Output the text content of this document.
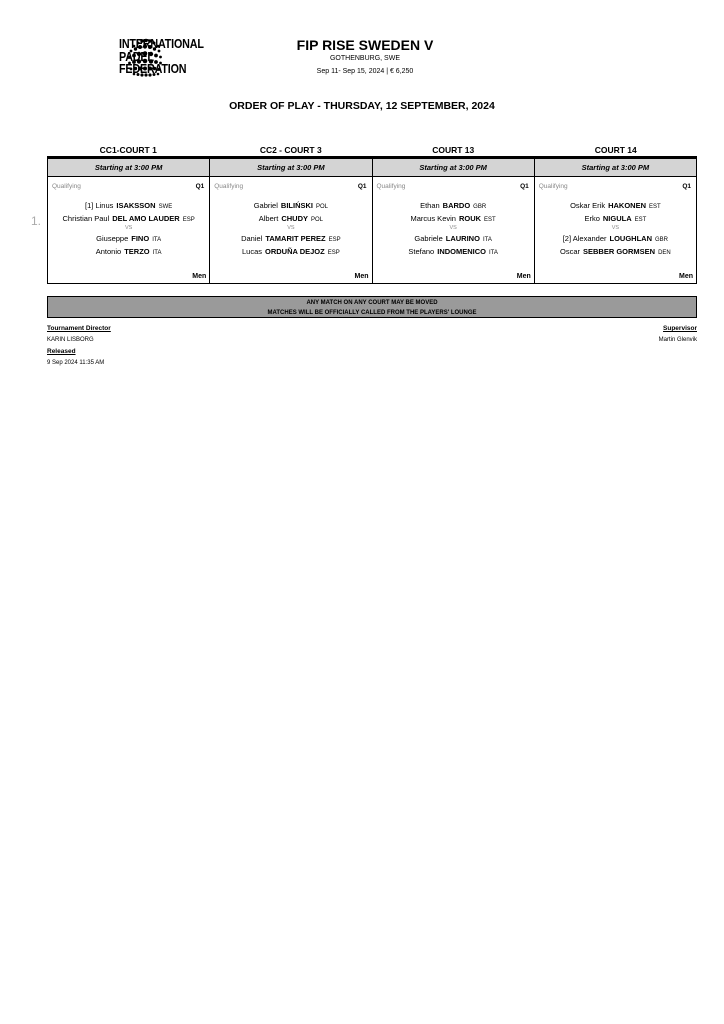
INTERNATIONAL
PADEL
FEDERATION
FIP RISE SWEDEN V
GOTHENBURG, SWE
Sep 11- Sep 15, 2024 | € 6,250
ORDER OF PLAY - THURSDAY, 12 SEPTEMBER, 2024
CC1-COURT 1	CC2 - COURT 3	COURT 13	COURT 14
1.
Starting at 3:00 PM
Qualifying	Q1
[1] Linus ISAKSSON SWE
Christian Paul DEL AMO LAUDER ESP
VS
Giuseppe FINO ITA
Antonio TERZO ITA
Men
Starting at 3:00 PM
Qualifying	Q1
Gabriel BILIŃSKI POL
Albert CHUDY POL
VS
Daniel TAMARIT PEREZ ESP
Lucas ORDUÑA DEJOZ ESP
Men
Starting at 3:00 PM
Qualifying	Q1
Ethan BARDO GBR
Marcus Kevin ROUK EST
VS
Gabriele LAURINO ITA
Stefano INDOMENICO ITA
Men
Starting at 3:00 PM
Qualifying	Q1
Oskar Erik HAKONEN EST
Erko NIGULA EST
VS
[2] Alexander LOUGHLAN GBR
Oscar SEBBER GORMSEN DEN
Men
ANY MATCH ON ANY COURT MAY BE MOVED
MATCHES WILL BE OFFICIALLY CALLED FROM THE PLAYERS' LOUNGE
Tournament Director
KARIN LISBORG
Released
9 Sep 2024 11:35 AM
Supervisor
Martin Glenvik
